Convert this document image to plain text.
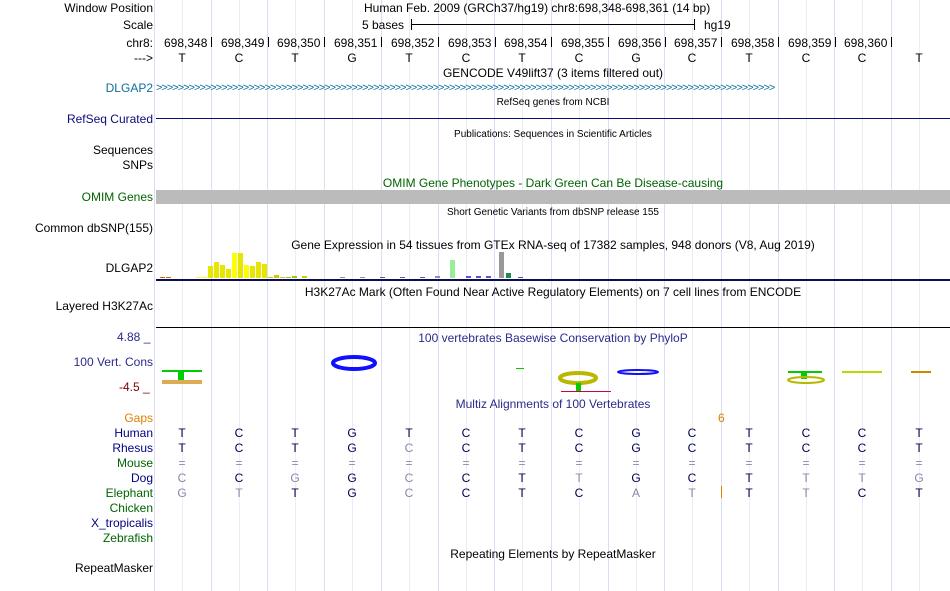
Window Position	Human Feb. 2009 (GRCh37/hg19) chr8:698,348-698,361 (14 bp)
Scale	5 bases	hg19
chr8: 698,348 698,349 698,350 698,351 698,352 698,353 698,354 698,355 698,356 698,357 698,358 698,359 698,360
--->	T	C	T	G	T	C	T	C	G	C	T	C	C	T
GENCODE V49lift37 (3 items filtered out)
DLGAP2 >>>>>>>>>>>>>>>>>>>>>>>>>>>>>>>>>>>>>>>>>>>>>>>>>>>>>>>>>>>>>>>>>>>>>>>>>>>>>>>>>>>>>>>>>>>>>>>>>>>>>>>>>>>>>>>>>>
RefSeq genes from NCBI
RefSeq Curated
Publications: Sequences in Scientific Articles
Sequences
SNPs
OMIM Gene Phenotypes - Dark Green Can Be Disease-causing
OMIM Genes
Short Genetic Variants from dbSNP release 155
Common dbSNP(155)
Gene Expression in 54 tissues from GTEx RNA-seq of 17382 samples, 948 donors (V8, Aug 2019)
DLGAP2
H3K27Ac Mark (Often Found Near Active Regulatory Elements) on 7 cell lines from ENCODE
Layered H3K27Ac
100 vertebrates Basewise Conservation by PhyloP
4.88 _
100 Vert. Cons
-4.5 _
Multiz Alignments of 100 Vertebrates
Gaps	6
Human	T	C	T	G	T	C	T	C	G	C	T	C	C	T
Rhesus	T	C	T	G	C	C	T	C	G	C	T	C	C	T
Mouse	=	=	=	=	=	=	=	=	=	=	=	=	=	=
Dog	C	C	G	G	C	C	T	T	G	C	T	T	T	G
Elephant	G	T	T	G	C	C	T	C	A	T	T	T	C	T
Chicken
X_tropicalis
Zebrafish
Repeating Elements by RepeatMasker
RepeatMasker
